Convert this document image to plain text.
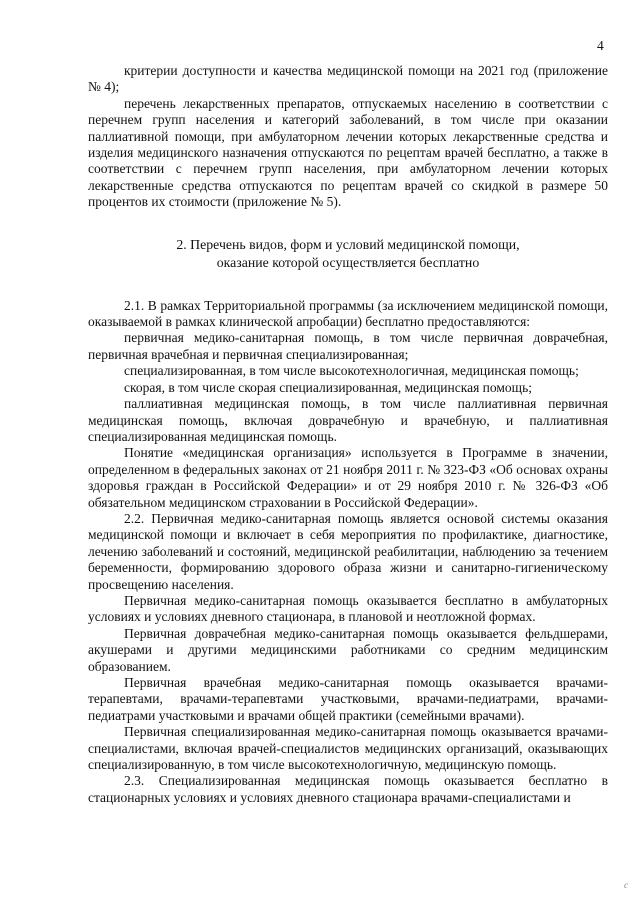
4

критерии доступности и качества медицинской помощи на 2021 год (приложение № 4);

перечень лекарственных препаратов, отпускаемых населению в соответствии с перечнем групп населения и категорий заболеваний, в том числе при оказании паллиативной помощи, при амбулаторном лечении которых лекарственные средства и изделия медицинского назначения отпускаются по рецептам врачей бесплатно, а также в соответствии с перечнем групп населения, при амбулаторном лечении которых лекарственные средства отпускаются по рецептам врачей со скидкой в размере 50 процентов их стоимости (приложение № 5).

2. Перечень видов, форм и условий медицинской помощи,
оказание которой осуществляется бесплатно

2.1. В рамках Территориальной программы (за исключением медицинской помощи, оказываемой в рамках клинической апробации) бесплатно предоставляются:

первичная медико-санитарная помощь, в том числе первичная доврачебная, первичная врачебная и первичная специализированная;

специализированная, в том числе высокотехнологичная, медицинская помощь;

скорая, в том числе скорая специализированная, медицинская помощь;

паллиативная медицинская помощь, в том числе паллиативная первичная медицинская помощь, включая доврачебную и врачебную, и паллиативная специализированная медицинская помощь.

Понятие «медицинская организация» используется в Программе в значении, определенном в федеральных законах от 21 ноября 2011 г. № 323-ФЗ «Об основах охраны здоровья граждан в Российской Федерации» и от 29 ноября 2010 г. № 326-ФЗ «Об обязательном медицинском страховании в Российской Федерации».

2.2. Первичная медико-санитарная помощь является основой системы оказания медицинской помощи и включает в себя мероприятия по профилактике, диагностике, лечению заболеваний и состояний, медицинской реабилитации, наблюдению за течением беременности, формированию здорового образа жизни и санитарно-гигиеническому просвещению населения.

Первичная медико-санитарная помощь оказывается бесплатно в амбулаторных условиях и условиях дневного стационара, в плановой и неотложной формах.

Первичная доврачебная медико-санитарная помощь оказывается фельдшерами, акушерами и другими медицинскими работниками со средним медицинским образованием.

Первичная врачебная медико-санитарная помощь оказывается врачами-терапевтами, врачами-терапевтами участковыми, врачами-педиатрами, врачами-педиатрами участковыми и врачами общей практики (семейными врачами).

Первичная специализированная медико-санитарная помощь оказывается врачами-специалистами, включая врачей-специалистов медицинских организаций, оказывающих специализированную, в том числе высокотехнологичную, медицинскую помощь.

2.3. Специализированная медицинская помощь оказывается бесплатно в стационарных условиях и условиях дневного стационара врачами-специалистами и

c
